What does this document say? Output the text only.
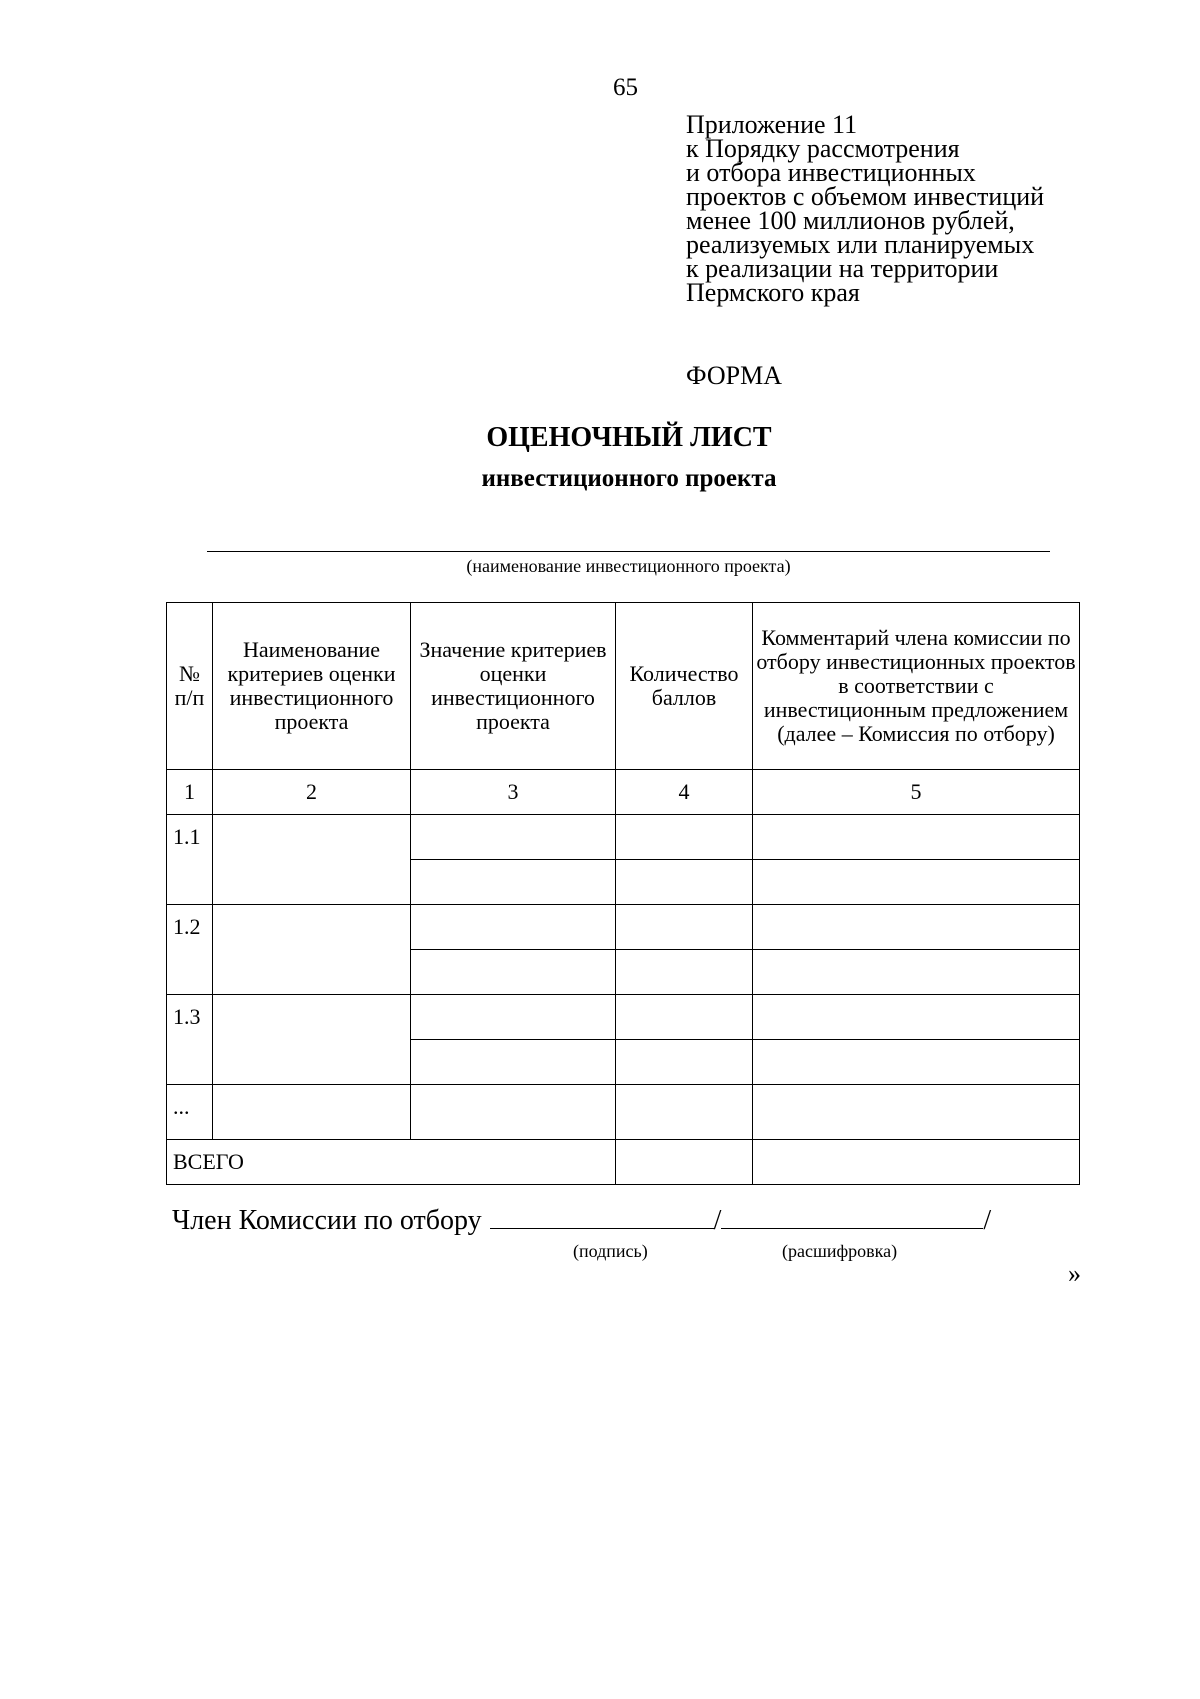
65
Приложение 11
к Порядку рассмотрения
и отбора инвестиционных
проектов с объемом инвестиций
менее 100 миллионов рублей,
реализуемых или планируемых
к реализации на территории
Пермского края
ФОРМА
ОЦЕНОЧНЫЙ ЛИСТ
инвестиционного проекта
(наименование инвестиционного проекта)
№ п/п	Наименование критериев оценки инвестиционного проекта	Значение критериев оценки инвестиционного проекта	Количество баллов	Комментарий члена комиссии по отбору инвестиционных проектов в соответствии с инвестиционным предложением (далее – Комиссия по отбору)
1	2	3	4	5
1.1				

1.2				

1.3				

...				
ВСЕГО				
Член Комиссии по отбору	/	/
(подпись)	(расшифровка)
»
